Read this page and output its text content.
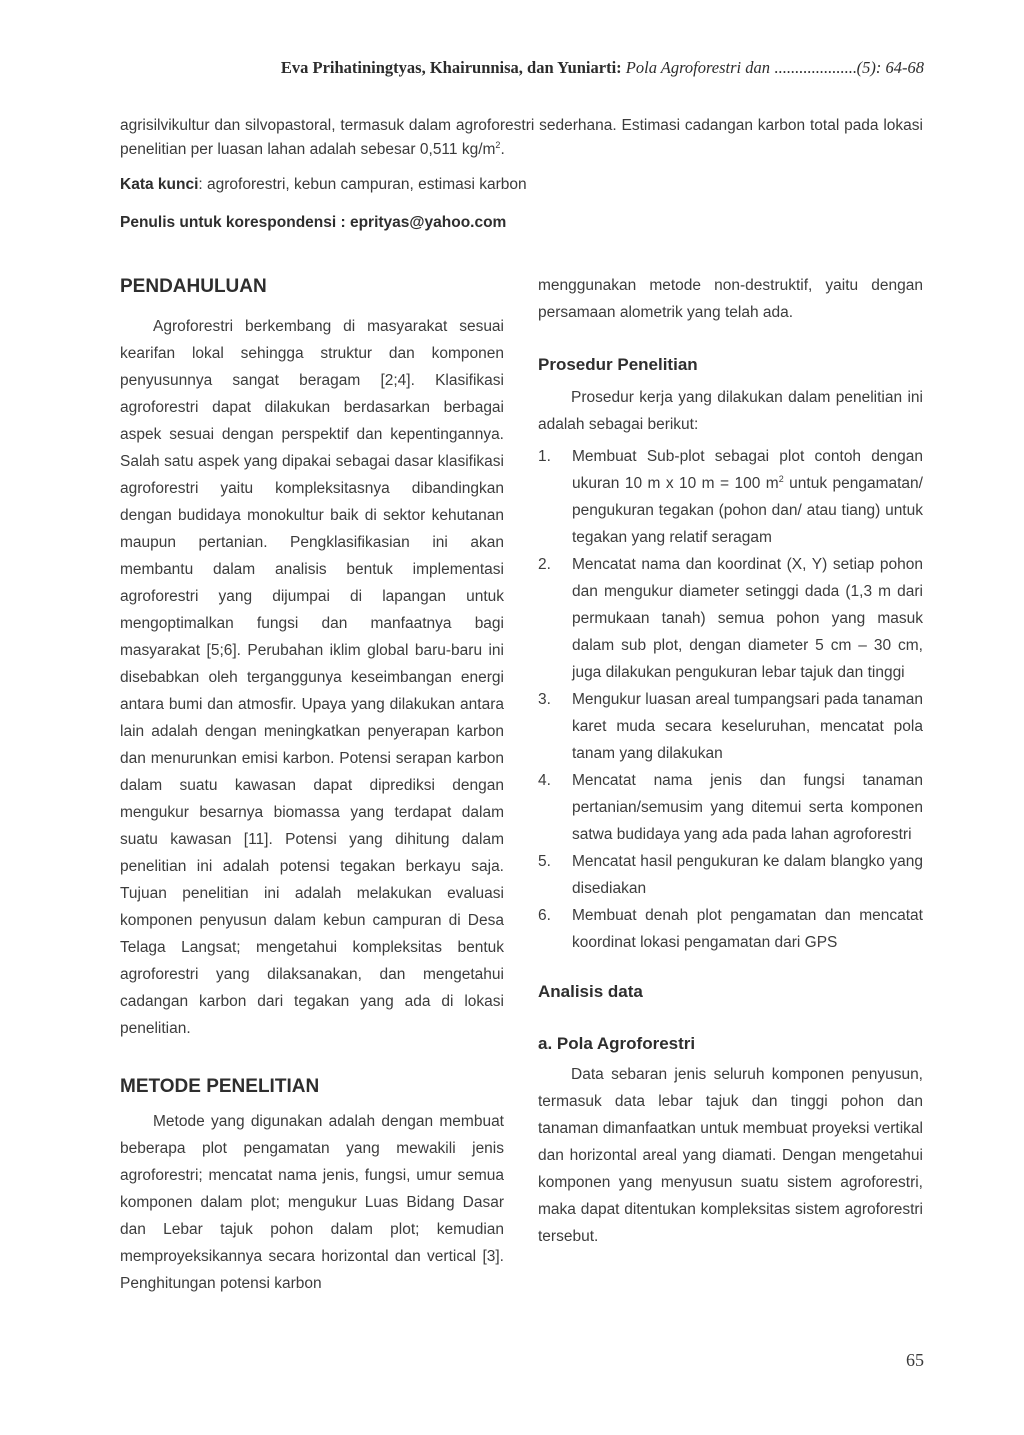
Eva Prihatiningtyas, Khairunnisa, dan Yuniarti: Pola Agroforestri dan ....................(5): 64-68

agrisilvikultur dan silvopastoral, termasuk dalam agroforestri sederhana. Estimasi cadangan karbon total pada lokasi penelitian per luasan lahan adalah sebesar 0,511 $kg/m^2$.

Kata kunci: agroforestri, kebun campuran, estimasi karbon
Penulis untuk korespondensi : eprityas@yahoo.com
PENDAHULUAN

Agroforestri berkembang di masyarakat sesuai kearifan lokal sehingga struktur dan komponen penyusunnya sangat beragam [2;4]. Klasifikasi agroforestri dapat dilakukan berdasarkan berbagai aspek sesuai dengan perspektif dan kepentingannya. Salah satu aspek yang dipakai sebagai dasar klasifikasi agroforestri yaitu kompleksitasnya dibandingkan dengan budidaya monokultur baik di sektor kehutanan maupun pertanian. Pengklasifikasian ini akan membantu dalam analisis bentuk implementasi agroforestri yang dijumpai di lapangan untuk mengoptimalkan fungsi dan manfaatnya bagi masyarakat [5;6]. Perubahan iklim global baru-baru ini disebabkan oleh terganggunya keseimbangan energi antara bumi dan atmosfir. Upaya yang dilakukan antara lain adalah dengan meningkatkan penyerapan karbon dan menurunkan emisi karbon. Potensi serapan karbon dalam suatu kawasan dapat diprediksi dengan mengukur besarnya biomassa yang terdapat dalam suatu kawasan [11]. Potensi yang dihitung dalam penelitian ini adalah potensi tegakan berkayu saja. Tujuan penelitian ini adalah melakukan evaluasi komponen penyusun dalam kebun campuran di Desa Telaga Langsat; mengetahui kompleksitas bentuk agroforestri yang dilaksanakan, dan mengetahui cadangan karbon dari tegakan yang ada di lokasi penelitian.

METODE PENELITIAN

Metode yang digunakan adalah dengan membuat beberapa plot pengamatan yang mewakili jenis agroforestri; mencatat nama jenis, fungsi, umur semua komponen dalam plot; mengukur Luas Bidang Dasar dan Lebar tajuk pohon dalam plot; kemudian memproyeksikannya secara horizontal dan vertical [3]. Penghitungan potensi karbon

menggunakan metode non-destruktif, yaitu dengan persamaan alometrik yang telah ada.

Prosedur Penelitian

Prosedur kerja yang dilakukan dalam penelitian ini adalah sebagai berikut:

1. Membuat Sub-plot sebagai plot contoh dengan ukuran 10 m x 10 m = 100 $m^2$ untuk pengamatan/ pengukuran tegakan (pohon dan/ atau tiang) untuk tegakan yang relatif seragam
2. Mencatat nama dan koordinat (X, Y) setiap pohon dan mengukur diameter setinggi dada (1,3 m dari permukaan tanah) semua pohon yang masuk dalam sub plot, dengan diameter 5 cm – 30 cm, juga dilakukan pengukuran lebar tajuk dan tinggi
3. Mengukur luasan areal tumpangsari pada tanaman karet muda secara keseluruhan, mencatat pola tanam yang dilakukan
4. Mencatat nama jenis dan fungsi tanaman pertanian/semusim yang ditemui serta komponen satwa budidaya yang ada pada lahan agroforestri
5. Mencatat hasil pengukuran ke dalam blangko yang disediakan
6. Membuat denah plot pengamatan dan mencatat koordinat lokasi pengamatan dari GPS
Analisis data
a. Pola Agroforestri

Data sebaran jenis seluruh komponen penyusun, termasuk data lebar tajuk dan tinggi pohon dan tanaman dimanfaatkan untuk membuat proyeksi vertikal dan horizontal areal yang diamati. Dengan mengetahui komponen yang menyusun suatu sistem agroforestri, maka dapat ditentukan kompleksitas sistem agroforestri tersebut.

65
